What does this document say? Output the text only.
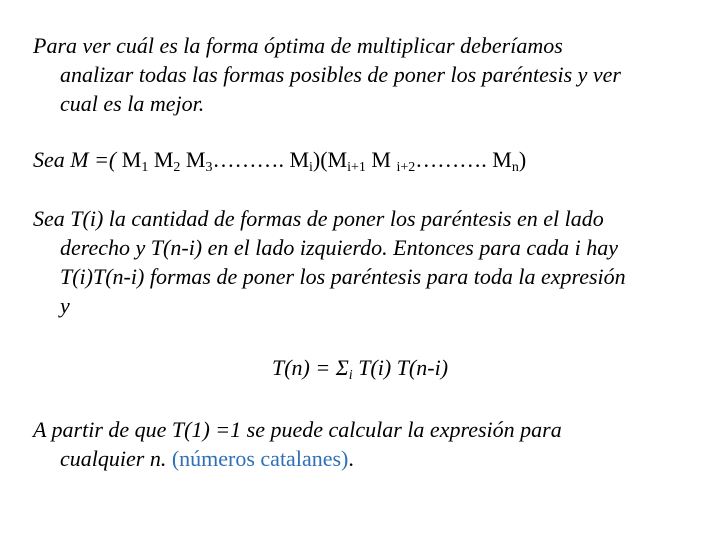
Para ver cuál es la forma óptima de multiplicar deberíamos
analizar todas las formas posibles de poner los paréntesis y ver
cual es la mejor.
Sea M =( $M_1$ $M_2$ $M_3\dots\dots\dots$. $M_i)(M_{i+1}$ M $_{i+2}$………. $M_n$)
Sea T(i) la cantidad de formas de poner los paréntesis en el lado
derecho y T(n-i) en el lado izquierdo. Entonces para cada i hay
T(i)T(n-i) formas de poner los paréntesis para toda la expresión
y
$T(n) = \Sigma_i$ T(i) T(n-i)
A partir de que T(1) =1 se puede calcular la expresión para
cualquier n. (números catalanes).
